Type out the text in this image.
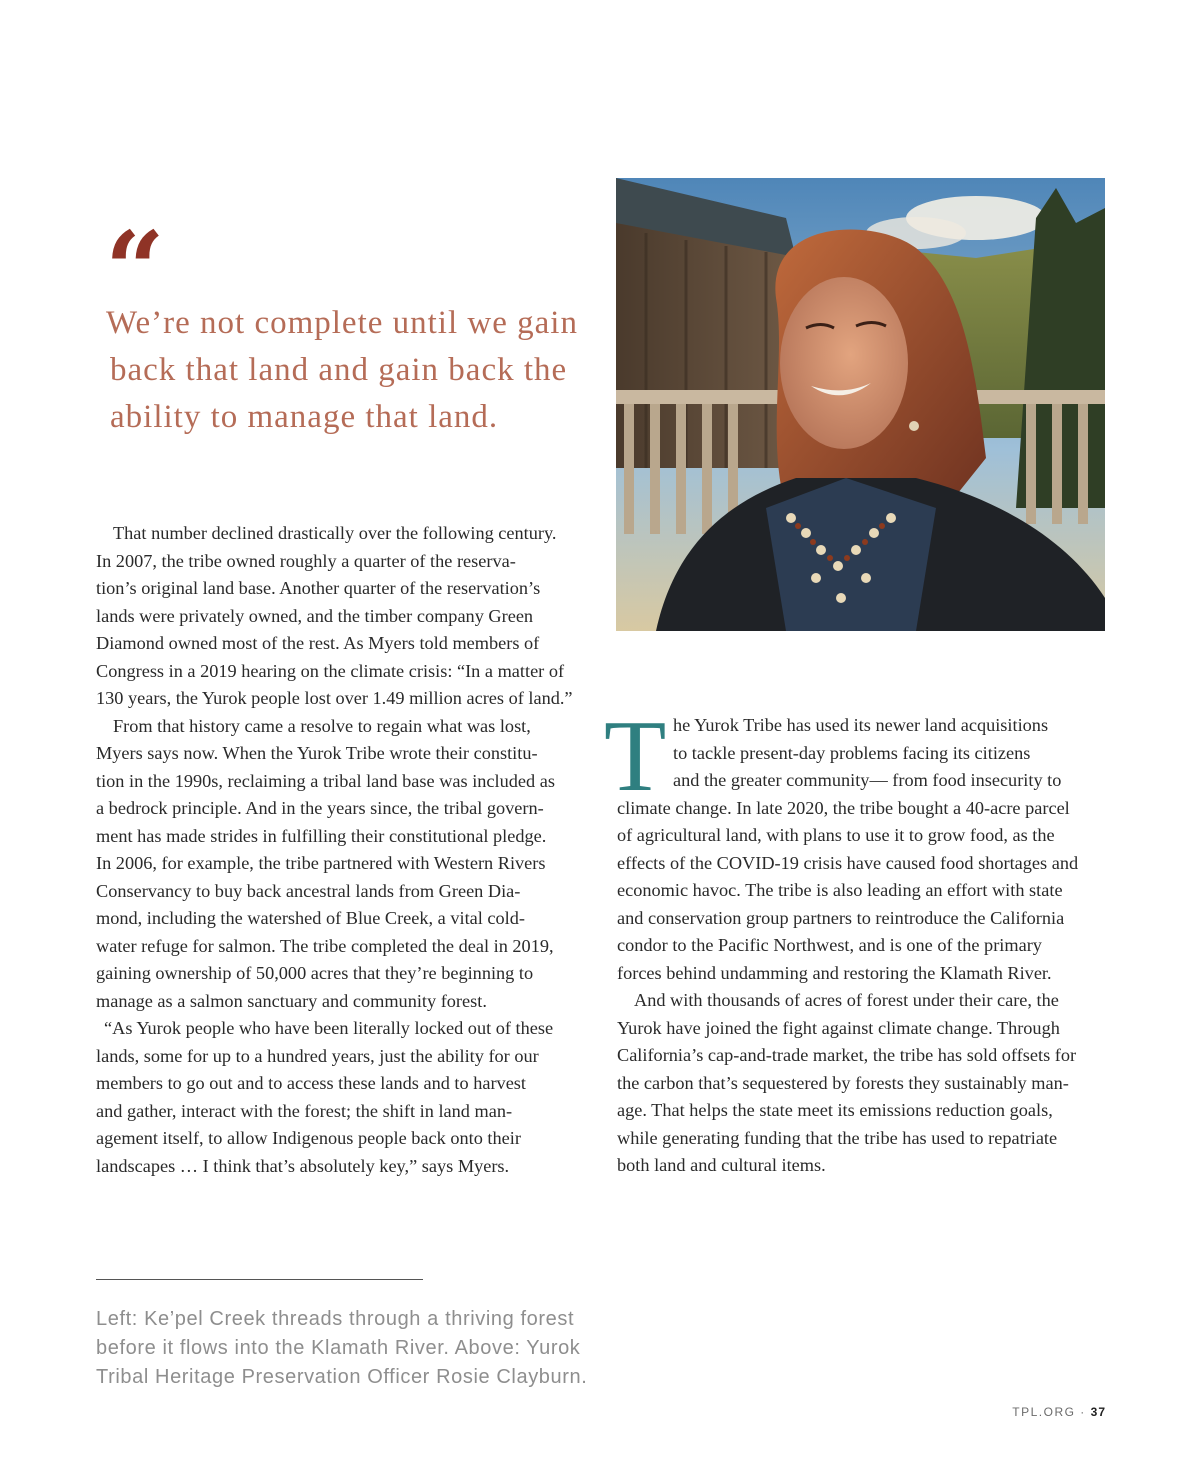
“
We’re not complete until we gain
back that land and gain back the
ability to manage that land.

That number declined drastically over the following century.
In 2007, the tribe owned roughly a quarter of the reserva-
tion’s original land base. Another quarter of the reservation’s
lands were privately owned, and the timber company Green
Diamond owned most of the rest. As Myers told members of
Congress in a 2019 hearing on the climate crisis: “In a matter of
130 years, the Yurok people lost over 1.49 million acres of land.”

From that history came a resolve to regain what was lost,
Myers says now. When the Yurok Tribe wrote their constitu-
tion in the 1990s, reclaiming a tribal land base was included as
a bedrock principle. And in the years since, the tribal govern-
ment has made strides in fulfilling their constitutional pledge.
In 2006, for example, the tribe partnered with Western Rivers
Conservancy to buy back ancestral lands from Green Dia-
mond, including the watershed of Blue Creek, a vital cold-
water refuge for salmon. The tribe completed the deal in 2019,
gaining ownership of 50,000 acres that they’re beginning to
manage as a salmon sanctuary and community forest.

“As Yurok people who have been literally locked out of these
lands, some for up to a hundred years, just the ability for our
members to go out and to access these lands and to harvest
and gather, interact with the forest; the shift in land man-
agement itself, to allow Indigenous people back onto their
landscapes … I think that’s absolutely key,” says Myers.

T he Yurok Tribe has used its newer land acquisitions
to tackle present-day problems facing its citizens
and the greater community— from food insecurity to
climate change. In late 2020, the tribe bought a 40-acre parcel
of agricultural land, with plans to use it to grow food, as the
effects of the COVID-19 crisis have caused food shortages and
economic havoc. The tribe is also leading an effort with state
and conservation group partners to reintroduce the California
condor to the Pacific Northwest, and is one of the primary
forces behind undamming and restoring the Klamath River.

And with thousands of acres of forest under their care, the
Yurok have joined the fight against climate change. Through
California’s cap-and-trade market, the tribe has sold offsets for
the carbon that’s sequestered by forests they sustainably man-
age. That helps the state meet its emissions reduction goals,
while generating funding that the tribe has used to repatriate
both land and cultural items.

Left: Ke’pel Creek threads through a thriving forest
before it flows into the Klamath River. Above: Yurok
Tribal Heritage Preservation Officer Rosie Clayburn.
TPL.ORG · 37
